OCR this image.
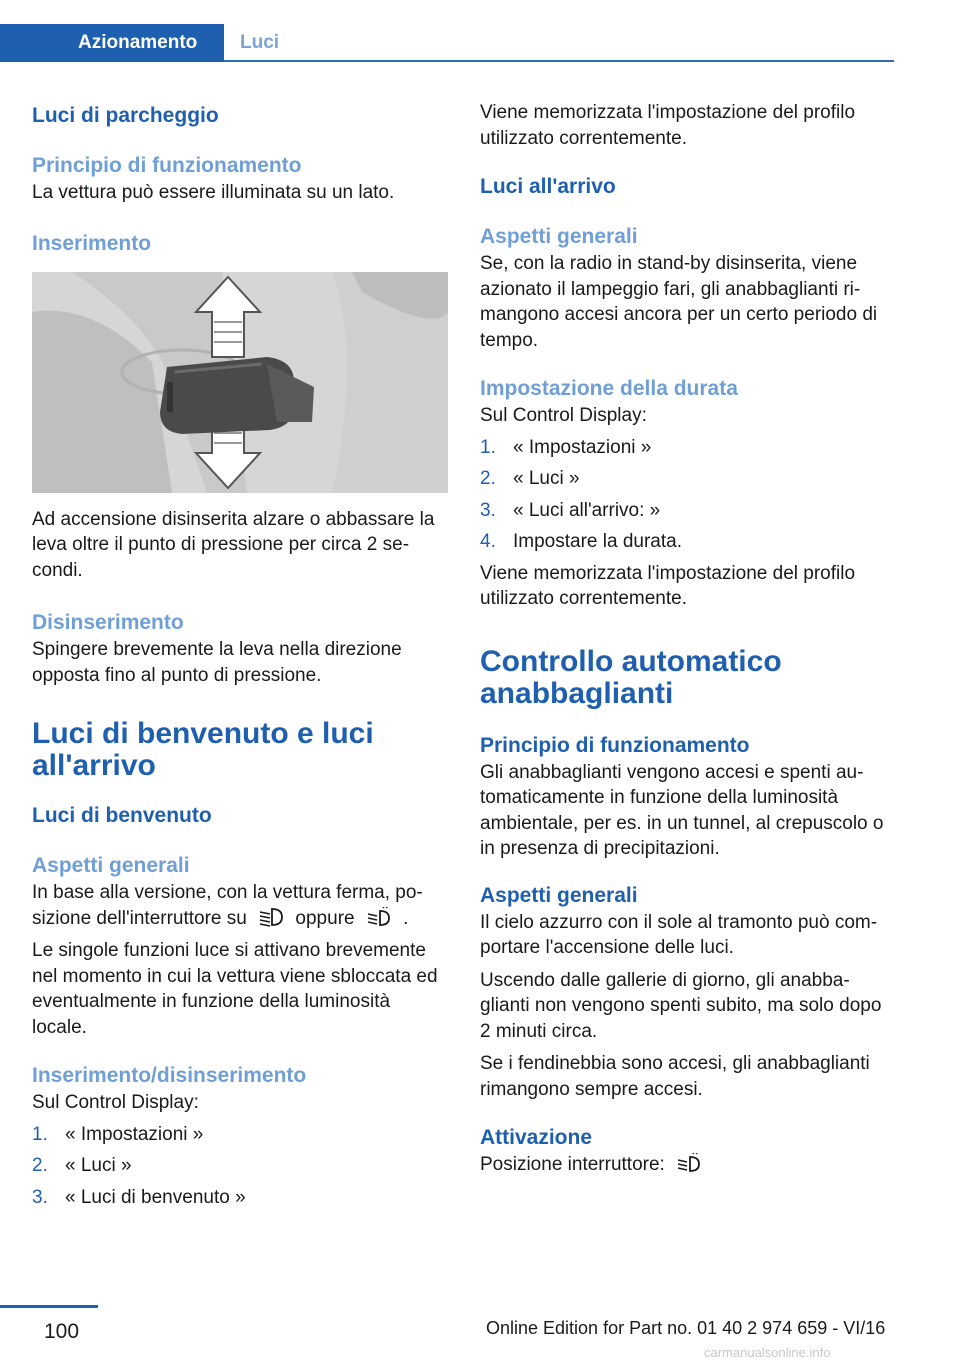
Azionamento	Luci
Luci di parcheggio
Principio di funzionamento

La vettura può essere illuminata su un lato.

Inserimento

Ad accensione disinserita alzare o abbassare la leva oltre il punto di pressione per circa 2 se‑ condi.

Disinserimento

Spingere brevemente la leva nella direzione opposta fino al punto di pressione.

Luci di benvenuto e luci all'arrivo
Luci di benvenuto
Aspetti generali

In base alla versione, con la vettura ferma, po‑ sizione dell'interruttore su	oppure	.

Le singole funzioni luce si attivano brevemente nel momento in cui la vettura viene sbloccata ed eventualmente in funzione della luminosità locale.

Inserimento/disinserimento

Sul Control Display:

1. « Impostazioni »
2. « Luci »
3. « Luci di benvenuto »

Viene memorizzata l'impostazione del profilo utilizzato correntemente.

Luci all'arrivo
Aspetti generali

Se, con la radio in stand-by disinserita, viene azionato il lampeggio fari, gli anabbaglianti ri‑ mangono accesi ancora per un certo periodo di tempo.

Impostazione della durata

Sul Control Display:

1. « Impostazioni »
2. « Luci »
3. « Luci all'arrivo: »
4. Impostare la durata.

Viene memorizzata l'impostazione del profilo utilizzato correntemente.

Controllo automatico anabbaglianti
Principio di funzionamento

Gli anabbaglianti vengono accesi e spenti au‑ tomaticamente in funzione della luminosità ambientale, per es. in un tunnel, al crepuscolo o in presenza di precipitazioni.

Aspetti generali

Il cielo azzurro con il sole al tramonto può com‑ portare l'accensione delle luci.

Uscendo dalle gallerie di giorno, gli anabba‑ glianti non vengono spenti subito, ma solo dopo 2 minuti circa.

Se i fendinebbia sono accesi, gli anabbaglianti rimangono sempre accesi.

Attivazione

Posizione interruttore:

100	Online Edition for Part no. 01 40 2 974 659 - VI/16
carmanualsonline.info
